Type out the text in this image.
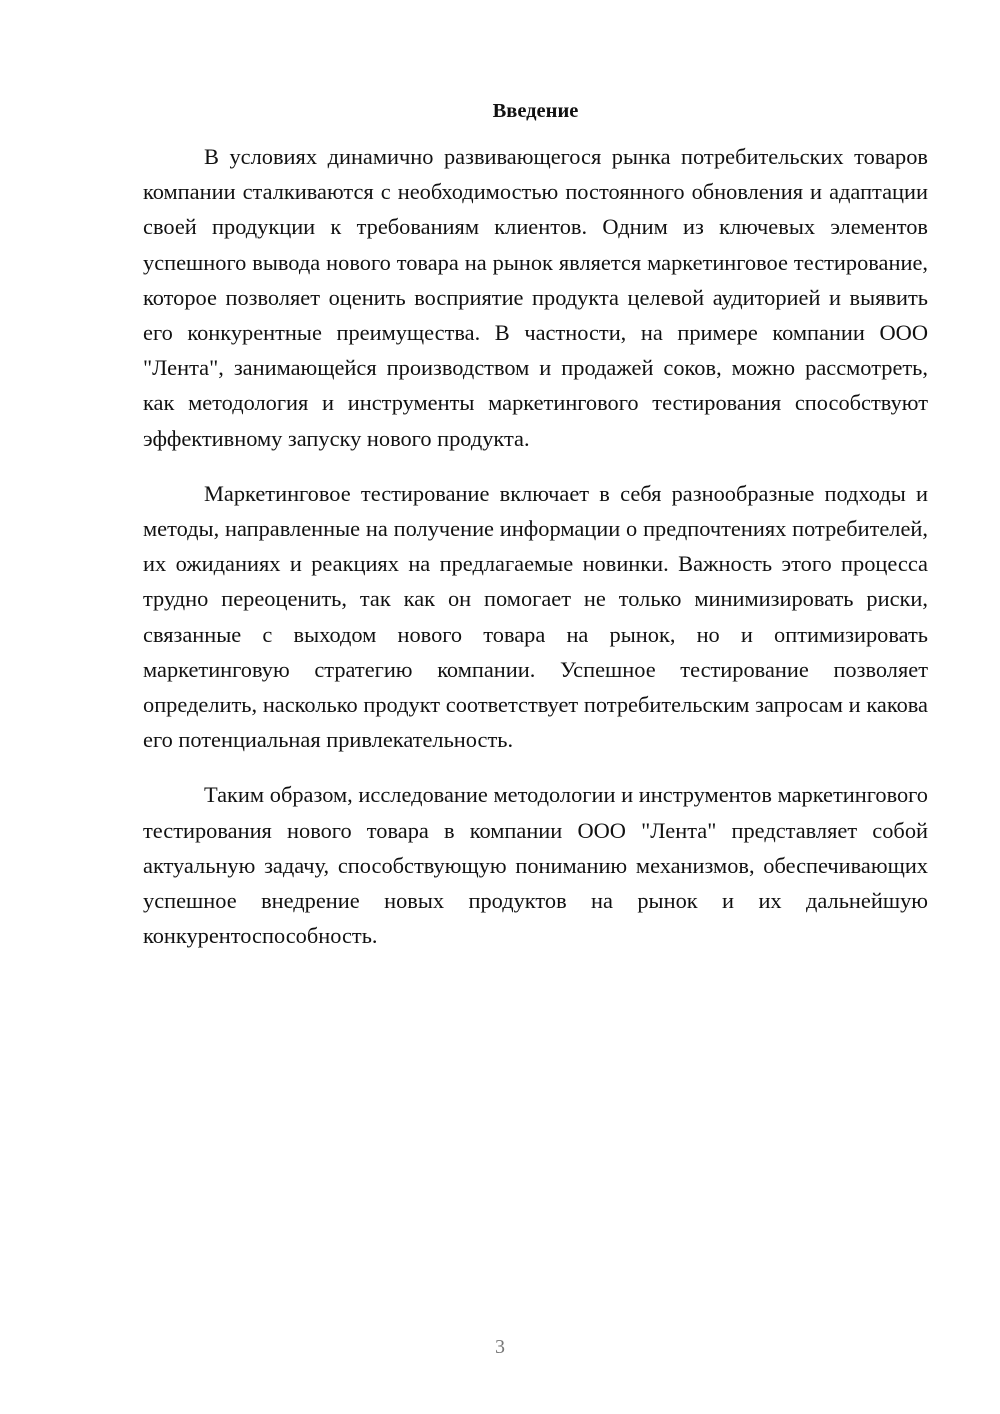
Введение

В условиях динамично развивающегося рынка потребительских товаров компании сталкиваются с необходимостью постоянного обновления и адаптации своей продукции к требованиям клиентов. Одним из ключевых элементов успешного вывода нового товара на рынок является маркетинговое тестирование, которое позволяет оценить восприятие продукта целевой аудиторией и выявить его конкурентные преимущества. В частности, на примере компании ООО "Лента", занимающейся производством и продажей соков, можно рассмотреть, как методология и инструменты маркетингового тестирования способствуют эффективному запуску нового продукта.

Маркетинговое тестирование включает в себя разнообразные подходы и методы, направленные на получение информации о предпочтениях потребителей, их ожиданиях и реакциях на предлагаемые новинки. Важность этого процесса трудно переоценить, так как он помогает не только минимизировать риски, связанные с выходом нового товара на рынок, но и оптимизировать маркетинговую стратегию компании. Успешное тестирование позволяет определить, насколько продукт соответствует потребительским запросам и какова его потенциальная привлекательность.

Таким образом, исследование методологии и инструментов маркетингового тестирования нового товара в компании ООО "Лента" представляет собой актуальную задачу, способствующую пониманию механизмов, обеспечивающих успешное внедрение новых продуктов на рынок и их дальнейшую конкурентоспособность.

3
